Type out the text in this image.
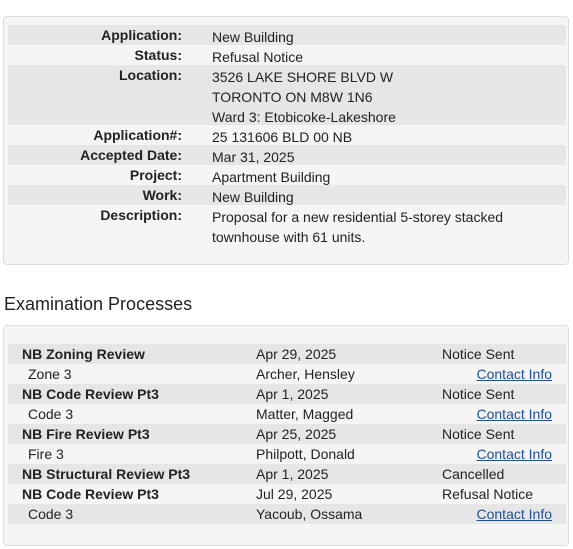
Application: New Building
Status: Refusal Notice
Location: 3526 LAKE SHORE BLVD W
TORONTO ON M8W 1N6
Ward 3: Etobicoke-Lakeshore
Application#: 25 131606 BLD 00 NB
Accepted Date: Mar 31, 2025
Project: Apartment Building
Work: New Building
Description: Proposal for a new residential 5-storey stacked
townhouse with 61 units.
Examination Processes
NB Zoning Review	Apr 29, 2025	Notice Sent
Zone 3	Archer, Hensley	Contact Info
NB Code Review Pt3	Apr 1, 2025	Notice Sent
Code 3	Matter, Magged	Contact Info
NB Fire Review Pt3	Apr 25, 2025	Notice Sent
Fire 3	Philpott, Donald	Contact Info
NB Structural Review Pt3	Apr 1, 2025	Cancelled
NB Code Review Pt3	Jul 29, 2025	Refusal Notice
Code 3	Yacoub, Ossama	Contact Info
